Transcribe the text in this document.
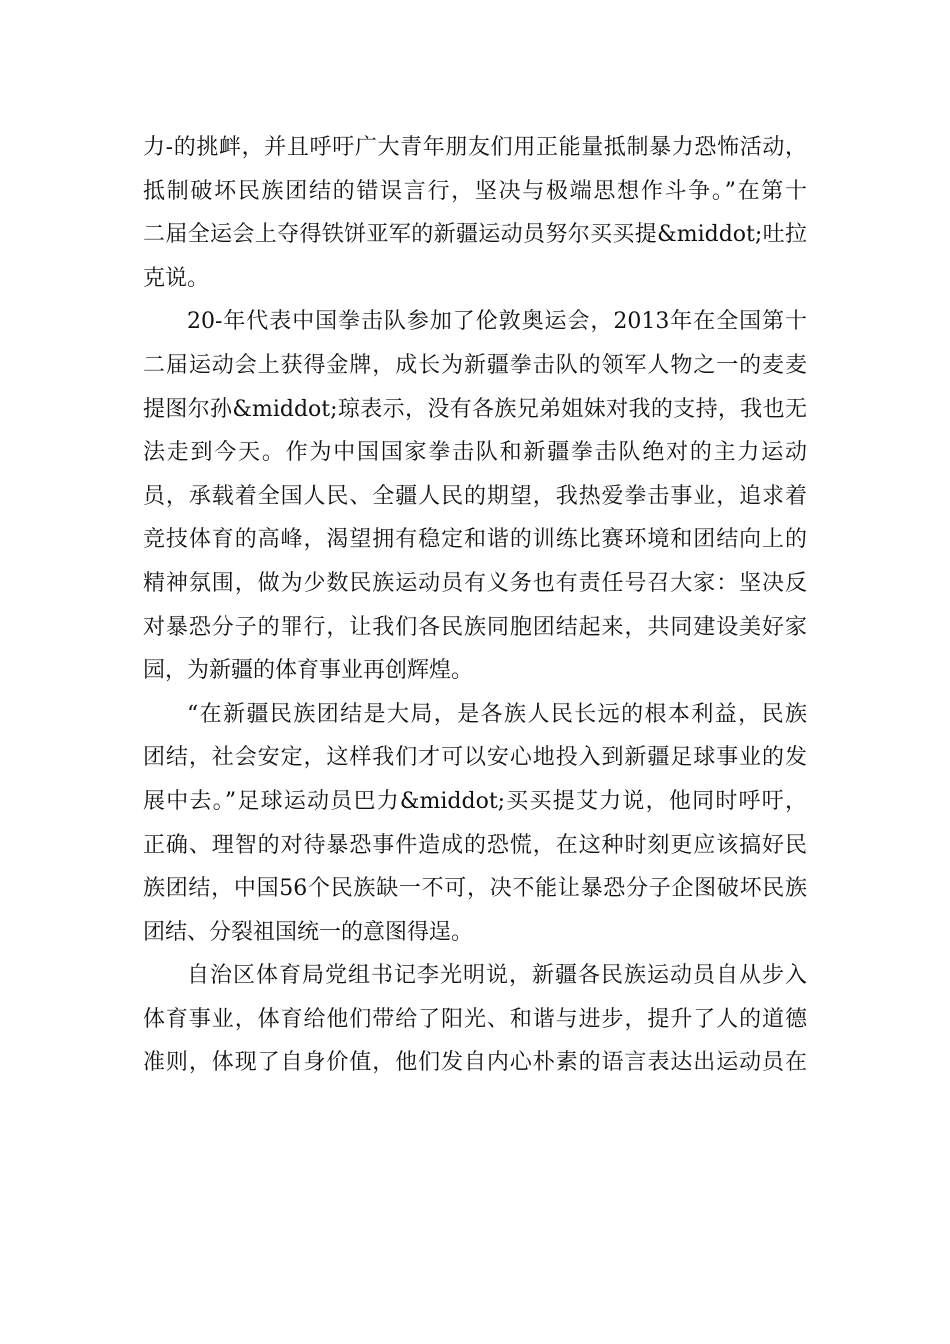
力-的挑衅，并且呼吁广大青年朋友们用正能量抵制暴力恐怖活动，
抵制破坏民族团结的错误言行，坚决与极端思想作斗争。”在第十
二届全运会上夺得铁饼亚军的新疆运动员努尔买买提&middot;吐拉
克说。
20-年代表中国拳击队参加了伦敦奥运会，2013年在全国第十
二届运动会上获得金牌，成长为新疆拳击队的领军人物之一的麦麦
提图尔孙&middot;琼表示，没有各族兄弟姐妹对我的支持，我也无
法走到今天。作为中国国家拳击队和新疆拳击队绝对的主力运动
员，承载着全国人民、全疆人民的期望，我热爱拳击事业，追求着
竞技体育的高峰，渴望拥有稳定和谐的训练比赛环境和团结向上的
精神氛围，做为少数民族运动员有义务也有责任号召大家：坚决反
对暴恐分子的罪行，让我们各民族同胞团结起来，共同建设美好家
园，为新疆的体育事业再创辉煌。
“在新疆民族团结是大局，是各族人民长远的根本利益，民族
团结，社会安定，这样我们才可以安心地投入到新疆足球事业的发
展中去。”足球运动员巴力&middot;买买提艾力说，他同时呼吁，
正确、理智的对待暴恐事件造成的恐慌，在这种时刻更应该搞好民
族团结，中国56个民族缺一不可，决不能让暴恐分子企图破坏民族
团结、分裂祖国统一的意图得逞。
自治区体育局党组书记李光明说，新疆各民族运动员自从步入
体育事业，体育给他们带给了阳光、和谐与进步，提升了人的道德
准则，体现了自身价值，他们发自内心朴素的语言表达出运动员在
